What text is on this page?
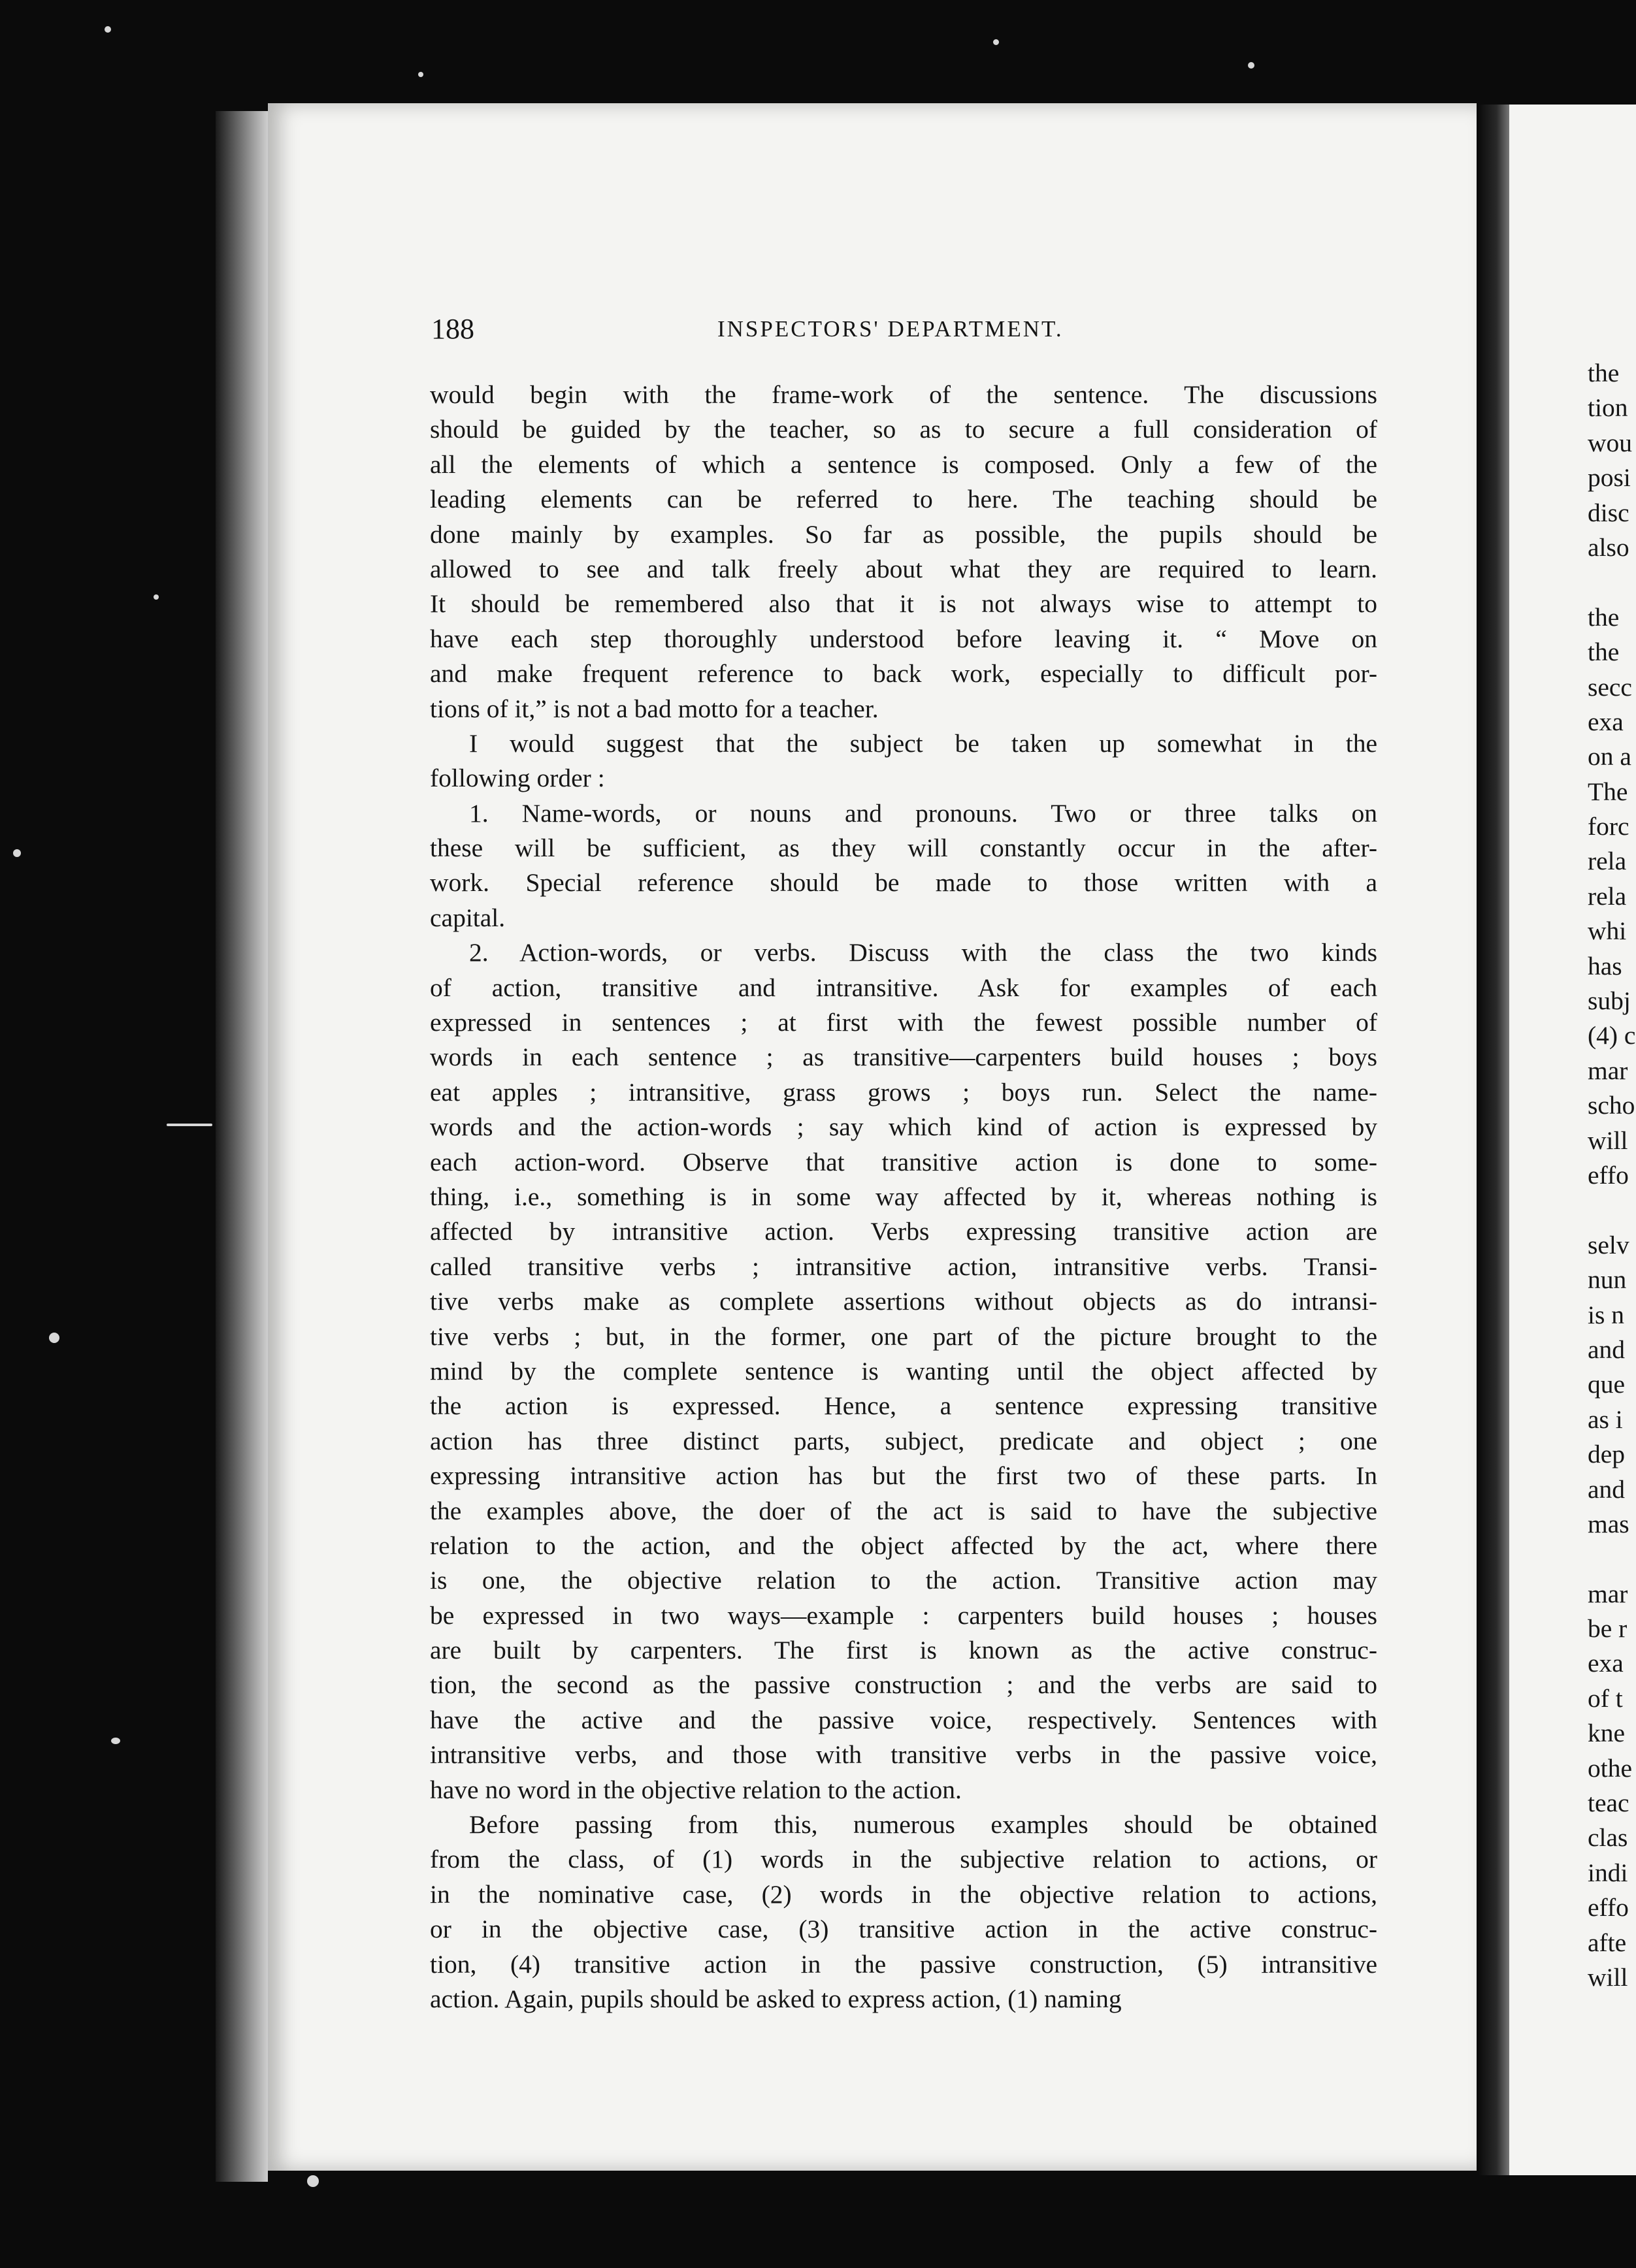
188	INSPECTORS' DEPARTMENT.
would begin with the frame-work of the sentence. The discussions
should be guided by the teacher, so as to secure a full consideration of
all the elements of which a sentence is composed. Only a few of the
leading elements can be referred to here. The teaching should be
done mainly by examples. So far as possible, the pupils should be
allowed to see and talk freely about what they are required to learn.
It should be remembered also that it is not always wise to attempt to
have each step thoroughly understood before leaving it. “ Move on
and make frequent reference to back work, especially to difficult por-
tions of it,” is not a bad motto for a teacher.
I would suggest that the subject be taken up somewhat in the
following order :
1. Name-words, or nouns and pronouns. Two or three talks on
these will be sufficient, as they will constantly occur in the after-
work. Special reference should be made to those written with a
capital.
2. Action-words, or verbs. Discuss with the class the two kinds
of action, transitive and intransitive. Ask for examples of each
expressed in sentences ; at first with the fewest possible number of
words in each sentence ; as transitive—carpenters build houses ; boys
eat apples ; intransitive, grass grows ; boys run. Select the name-
words and the action-words ; say which kind of action is expressed by
each action-word. Observe that transitive action is done to some-
thing, i.e., something is in some way affected by it, whereas nothing is
affected by intransitive action. Verbs expressing transitive action are
called transitive verbs ; intransitive action, intransitive verbs. Transi-
tive verbs make as complete assertions without objects as do intransi-
tive verbs ; but, in the former, one part of the picture brought to the
mind by the complete sentence is wanting until the object affected by
the action is expressed. Hence, a sentence expressing transitive
action has three distinct parts, subject, predicate and object ; one
expressing intransitive action has but the first two of these parts. In
the examples above, the doer of the act is said to have the subjective
relation to the action, and the object affected by the act, where there
is one, the objective relation to the action. Transitive action may
be expressed in two ways—example : carpenters build houses ; houses
are built by carpenters. The first is known as the active construc-
tion, the second as the passive construction ; and the verbs are said to
have the active and the passive voice, respectively. Sentences with
intransitive verbs, and those with transitive verbs in the passive voice,
have no word in the objective relation to the action.
Before passing from this, numerous examples should be obtained
from the class, of (1) words in the subjective relation to actions, or
in the nominative case, (2) words in the objective relation to actions,
or in the objective case, (3) transitive action in the active construc-
tion, (4) transitive action in the passive construction, (5) intransitive
action. Again, pupils should be asked to express action, (1) naming
the
tion
wou
posi
disc
also
the
the
secc
exa
on a
The
forc
rela
rela
whi
has
subj
(4) c
mar
scho
will
effo
selv
nun
is n
and
que
as i
dep
and
mas
mar
be r
exa
of t
kne
othe
teac
clas
indi
effo
afte
will
